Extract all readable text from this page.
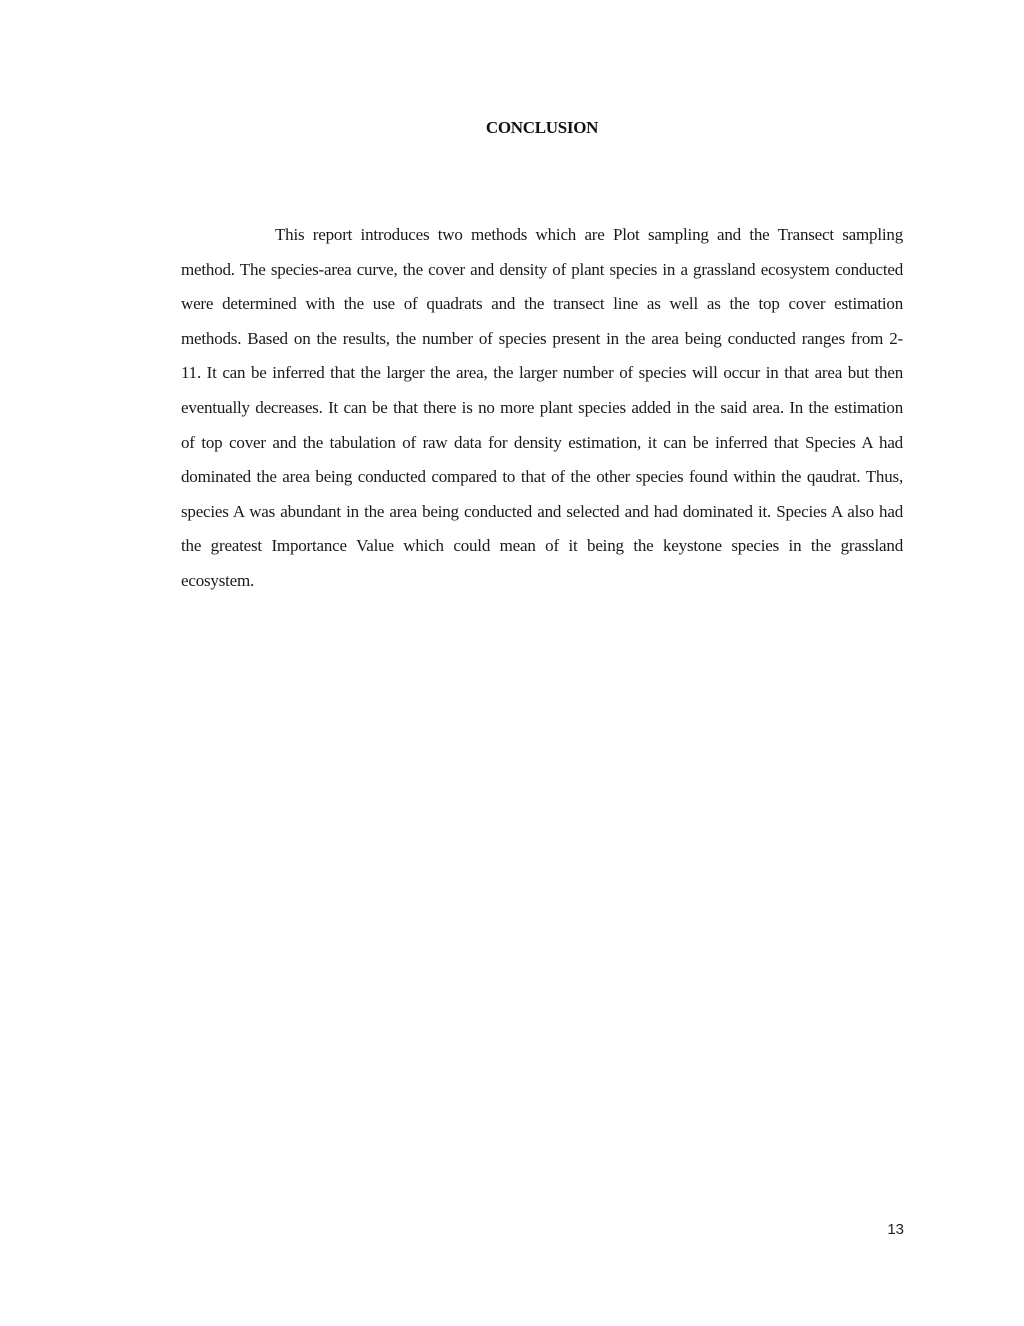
CONCLUSION

This report introduces two methods which are Plot sampling and the Transect sampling method. The species-area curve, the cover and density of plant species in a grassland ecosystem conducted were determined with the use of quadrats and the transect line as well as the top cover estimation methods. Based on the results, the number of species present in the area being conducted ranges from 2-11. It can be inferred that the larger the area, the larger number of species will occur in that area but then eventually decreases. It can be that there is no more plant species added in the said area. In the estimation of top cover and the tabulation of raw data for density estimation, it can be inferred that Species A had dominated the area being conducted compared to that of the other species found within the qaudrat. Thus, species A was abundant in the area being conducted and selected and had dominated it. Species A also had the greatest Importance Value which could mean of it being the keystone species in the grassland ecosystem.

13
